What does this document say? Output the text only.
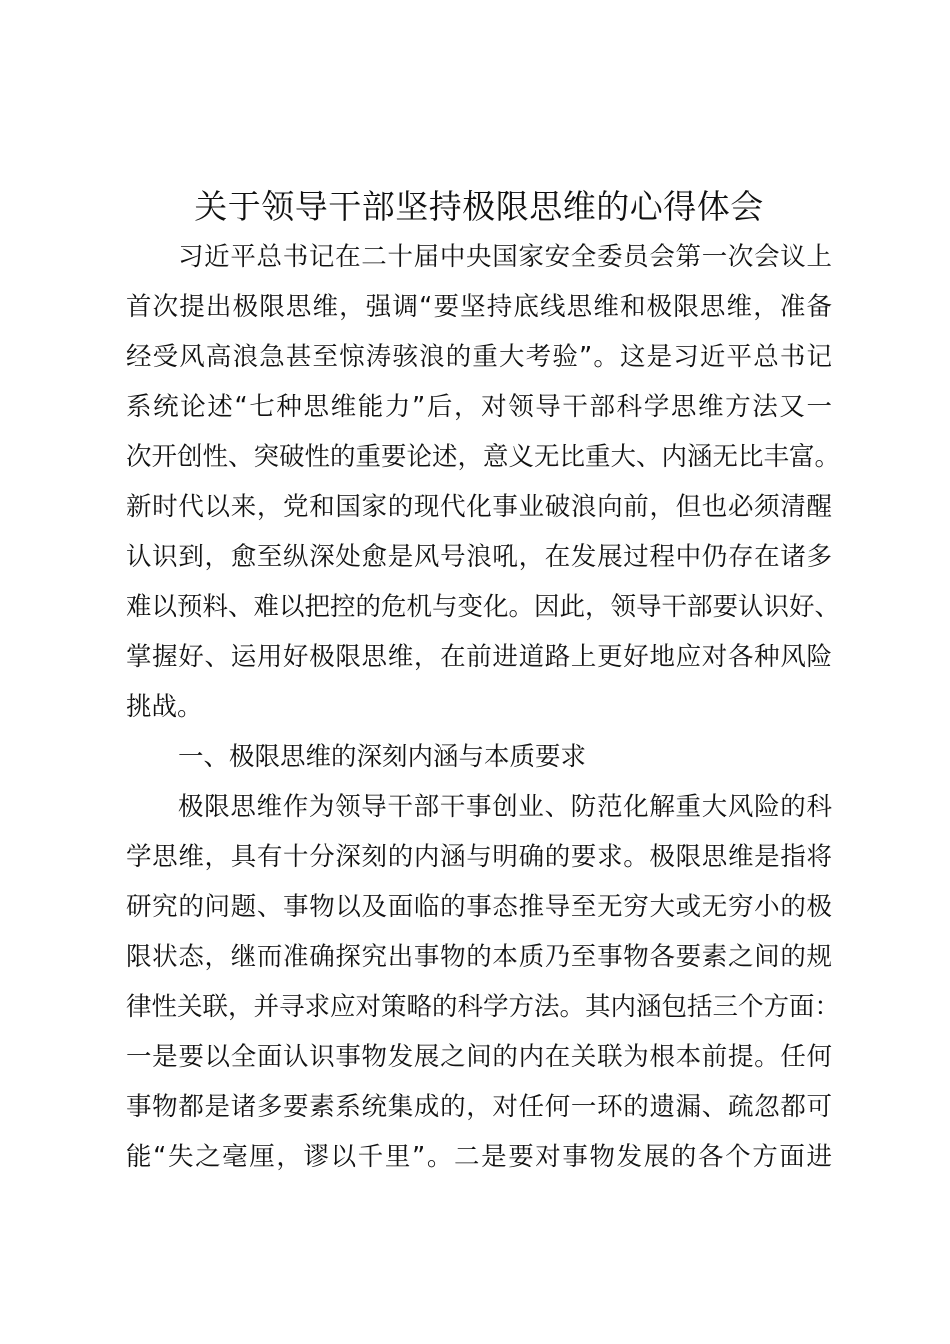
关于领导干部坚持极限思维的心得体会
习近平总书记在二十届中央国家安全委员会第一次会议上
首次提出极限思维，强调“要坚持底线思维和极限思维，准备
经受风高浪急甚至惊涛骇浪的重大考验”。这是习近平总书记
系统论述“七种思维能力”后，对领导干部科学思维方法又一
次开创性、突破性的重要论述，意义无比重大、内涵无比丰富。
新时代以来，党和国家的现代化事业破浪向前，但也必须清醒
认识到，愈至纵深处愈是风号浪吼，在发展过程中仍存在诸多
难以预料、难以把控的危机与变化。因此，领导干部要认识好、
掌握好、运用好极限思维，在前进道路上更好地应对各种风险
挑战。
一、极限思维的深刻内涵与本质要求
极限思维作为领导干部干事创业、防范化解重大风险的科
学思维，具有十分深刻的内涵与明确的要求。极限思维是指将
研究的问题、事物以及面临的事态推导至无穷大或无穷小的极
限状态，继而准确探究出事物的本质乃至事物各要素之间的规
律性关联，并寻求应对策略的科学方法。其内涵包括三个方面：
一是要以全面认识事物发展之间的内在关联为根本前提。任何
事物都是诸多要素系统集成的，对任何一环的遗漏、疏忽都可
能“失之毫厘，谬以千里”。二是要对事物发展的各个方面进
